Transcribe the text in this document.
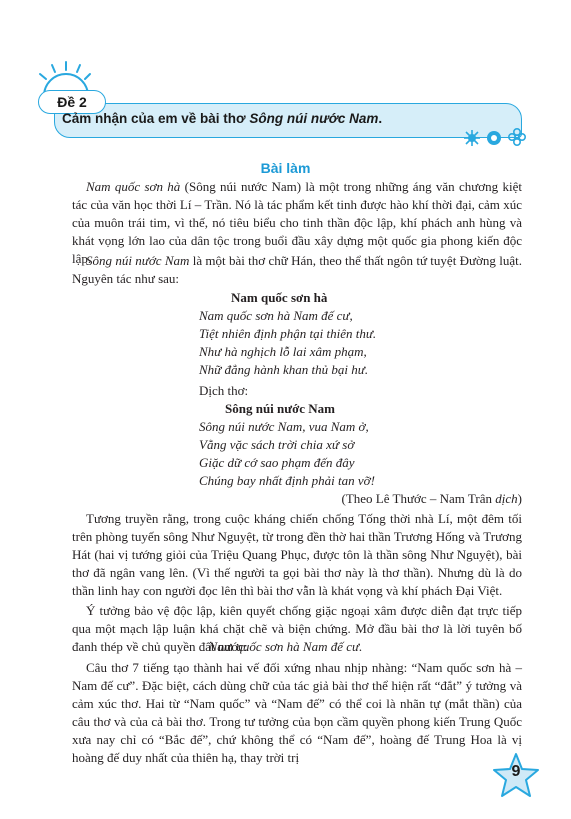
Đề 2
Cảm nhận của em về bài thơ Sông núi nước Nam.
Bài làm

Nam quốc sơn hà (Sông núi nước Nam) là một trong những áng văn chương kiệt tác của văn học thời Lí – Trần. Nó là tác phẩm kết tinh được hào khí thời đại, cảm xúc của muôn trái tim, vì thế, nó tiêu biểu cho tinh thần độc lập, khí phách anh hùng và khát vọng lớn lao của dân tộc trong buổi đầu xây dựng một quốc gia phong kiến độc lập.

Sông núi nước Nam là một bài thơ chữ Hán, theo thể thất ngôn tứ tuyệt Đường luật. Nguyên tác như sau:

Nam quốc sơn hà
Nam quốc sơn hà Nam đế cư,
Tiệt nhiên định phận tại thiên thư.
Như hà nghịch lỗ lai xâm phạm,
Nhữ đẳng hành khan thủ bại hư.
Dịch thơ:
Sông núi nước Nam
Sông núi nước Nam, vua Nam ở,
Vằng vặc sách trời chia xứ sở
Giặc dữ cớ sao phạm đến đây
Chúng bay nhất định phải tan vỡ!
(Theo Lê Thước – Nam Trân dịch)

Tương truyền rằng, trong cuộc kháng chiến chống Tống thời nhà Lí, một đêm tối trên phòng tuyến sông Như Nguyệt, từ trong đền thờ hai thần Trương Hống và Trương Hát (hai vị tướng giỏi của Triệu Quang Phục, được tôn là thần sông Như Nguyệt), bài thơ đã ngân vang lên. (Vì thế người ta gọi bài thơ này là thơ thần). Nhưng dù là do thần linh hay con người đọc lên thì bài thơ vẫn là khát vọng và khí phách Đại Việt.

Ý tưởng bảo vệ độc lập, kiên quyết chống giặc ngoại xâm được diễn đạt trực tiếp qua một mạch lập luận khá chặt chẽ và biện chứng. Mở đầu bài thơ là lời tuyên bố đanh thép về chủ quyền đất nước:

Nam quốc sơn hà Nam đế cư.

Câu thơ 7 tiếng tạo thành hai vế đối xứng nhau nhịp nhàng: “Nam quốc sơn hà – Nam đế cư”. Đặc biệt, cách dùng chữ của tác giả bài thơ thể hiện rất “đắt” ý tưởng và cảm xúc thơ. Hai từ “Nam quốc” và “Nam đế” có thể coi là nhãn tự (mắt thần) của câu thơ và của cả bài thơ. Trong tư tưởng của bọn cầm quyền phong kiến Trung Quốc xưa nay chỉ có “Bắc đế”, chứ không thể có “Nam đế”, hoàng đế Trung Hoa là vị hoàng đế duy nhất của thiên hạ, thay trời trị

9
